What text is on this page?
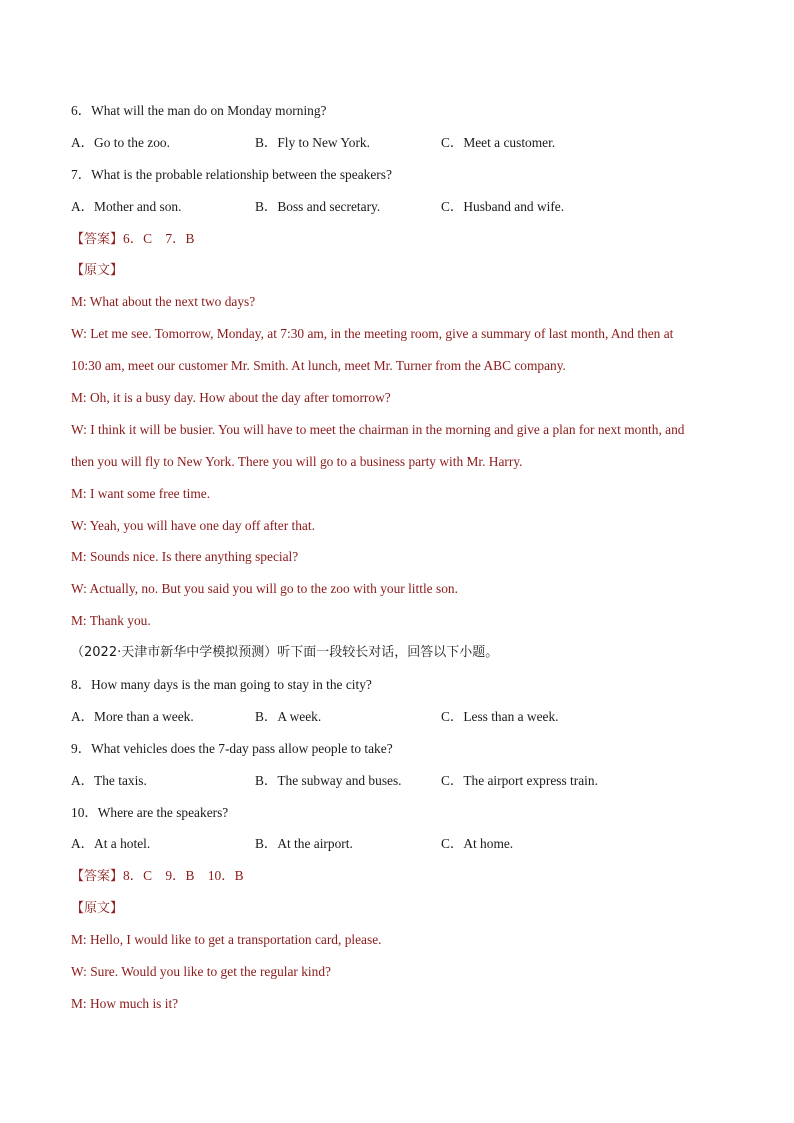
6．What will the man do on Monday morning?
A．Go to the zoo.	B．Fly to New York.	C．Meet a customer.
7．What is the probable relationship between the speakers?
A．Mother and son.	B．Boss and secretary.	C．Husband and wife.
【答案】6．C　7．B
【原文】
M: What about the next two days?
W: Let me see. Tomorrow, Monday, at 7:30 am, in the meeting room, give a summary of last month, And then at
10:30 am, meet our customer Mr. Smith. At lunch, meet Mr. Turner from the ABC company.
M: Oh, it is a busy day. How about the day after tomorrow?
W: I think it will be busier. You will have to meet the chairman in the morning and give a plan for next month, and
then you will fly to New York. There you will go to a business party with Mr. Harry.
M: I want some free time.
W: Yeah, you will have one day off after that.
M: Sounds nice. Is there anything special?
W: Actually, no. But you said you will go to the zoo with your little son.
M: Thank you.
（2022·天津市新华中学模拟预测）听下面一段较长对话，回答以下小题。
8．How many days is the man going to stay in the city?
A．More than a week.	B．A week.	C．Less than a week.
9．What vehicles does the 7-day pass allow people to take?
A．The taxis.	B．The subway and buses.	C．The airport express train.
10．Where are the speakers?
A．At a hotel.	B．At the airport.	C．At home.
【答案】8．C　9．B　10．B
【原文】
M: Hello, I would like to get a transportation card, please.
W: Sure. Would you like to get the regular kind?
M: How much is it?
